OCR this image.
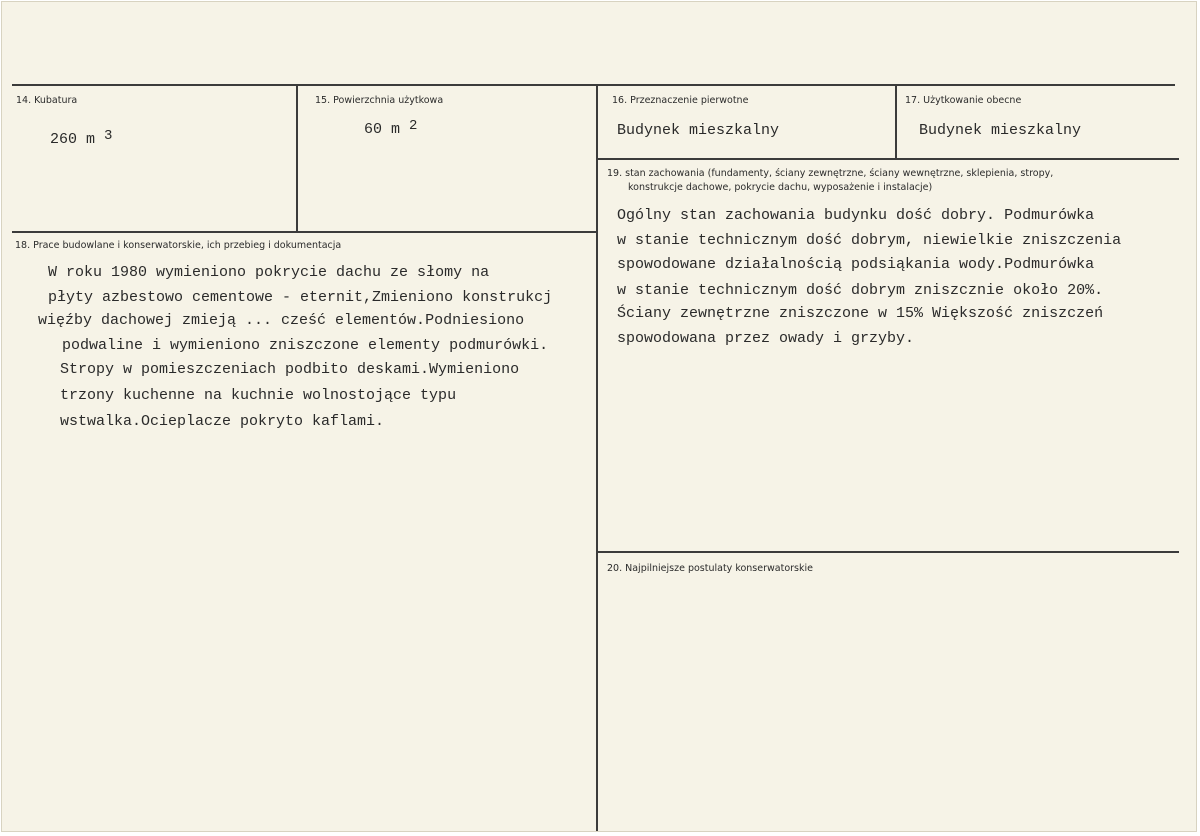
14. Kubatura
260 m $^3$
15. Powierzchnia użytkowa
60 m $^2$
16. Przeznaczenie pierwotne
Budynek mieszkalny
17. Użytkowanie obecne
Budynek mieszkalny
18. Prace budowlane i konserwatorskie, ich przebieg i dokumentacja
W roku 1980 wymieniono pokrycie dachu ze słomy na
płyty azbestowo cementowe - eternit,Zmieniono konstrukcj
więźby dachowej zmieją ... cześć elementów.Podniesiono
podwaline i wymieniono zniszczone elementy podmurówki.
Stropy w pomieszczeniach podbito deskami.Wymieniono
trzony kuchenne na kuchnie wolnostojące typu
wstwalka.Ocieplacze pokryto kaflami.
19. stan zachowania (fundamenty, ściany zewnętrzne, ściany wewnętrzne, sklepienia, stropy,
konstrukcje dachowe, pokrycie dachu, wyposażenie i instalacje)
Ogólny stan zachowania budynku dość dobry. Podmurówka
w stanie technicznym dość dobrym, niewielkie zniszczenia
spowodowane działalnością podsiąkania wody.Podmurówka
w stanie technicznym dość dobrym zniszcznie około 20%.
Ściany zewnętrzne zniszczone w 15% Większość zniszczeń
spowodowana przez owady i grzyby.
20. Najpilniejsze postulaty konserwatorskie
